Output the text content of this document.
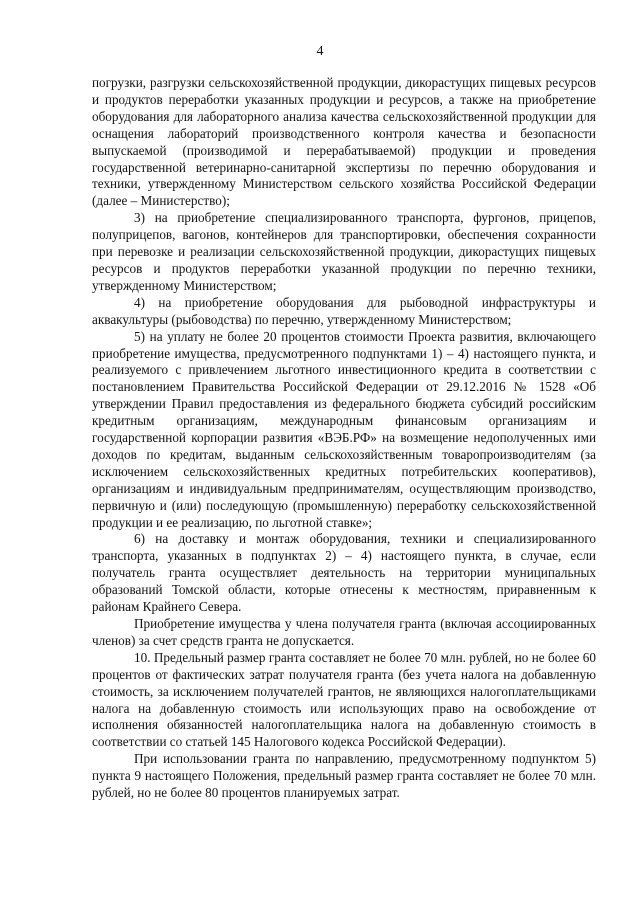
4

погрузки, разгрузки сельскохозяйственной продукции, дикорастущих пищевых ресурсов и продуктов переработки указанных продукции и ресурсов, а также на приобретение оборудования для лабораторного анализа качества сельскохозяйственной продукции для оснащения лабораторий производственного контроля качества и безопасности выпускаемой (производимой и перерабатываемой) продукции и проведения государственной ветеринарно-санитарной экспертизы по перечню оборудования и техники, утвержденному Министерством сельского хозяйства Российской Федерации (далее – Министерство);

3) на приобретение специализированного транспорта, фургонов, прицепов, полуприцепов, вагонов, контейнеров для транспортировки, обеспечения сохранности при перевозке и реализации сельскохозяйственной продукции, дикорастущих пищевых ресурсов и продуктов переработки указанной продукции по перечню техники, утвержденному Министерством;

4) на приобретение оборудования для рыбоводной инфраструктуры и аквакультуры (рыбоводства) по перечню, утвержденному Министерством;

5) на уплату не более 20 процентов стоимости Проекта развития, включающего приобретение имущества, предусмотренного подпунктами 1) – 4) настоящего пункта, и реализуемого с привлечением льготного инвестиционного кредита в соответствии с постановлением Правительства Российской Федерации от 29.12.2016 № 1528 «Об утверждении Правил предоставления из федерального бюджета субсидий российским кредитным организациям, международным финансовым организациям и государственной корпорации развития «ВЭБ.РФ» на возмещение недополученных ими доходов по кредитам, выданным сельскохозяйственным товаропроизводителям (за исключением сельскохозяйственных кредитных потребительских кооперативов), организациям и индивидуальным предпринимателям, осуществляющим производство, первичную и (или) последующую (промышленную) переработку сельскохозяйственной продукции и ее реализацию, по льготной ставке»;

6) на доставку и монтаж оборудования, техники и специализированного транспорта, указанных в подпунктах 2) – 4) настоящего пункта, в случае, если получатель гранта осуществляет деятельность на территории муниципальных образований Томской области, которые отнесены к местностям, приравненным к районам Крайнего Севера.

Приобретение имущества у члена получателя гранта (включая ассоциированных членов) за счет средств гранта не допускается.

10. Предельный размер гранта составляет не более 70 млн. рублей, но не более 60 процентов от фактических затрат получателя гранта (без учета налога на добавленную стоимость, за исключением получателей грантов, не являющихся налогоплательщиками налога на добавленную стоимость или использующих право на освобождение от исполнения обязанностей налогоплательщика налога на добавленную стоимость в соответствии со статьей 145 Налогового кодекса Российской Федерации).

При использовании гранта по направлению, предусмотренному подпунктом 5) пункта 9 настоящего Положения, предельный размер гранта составляет не более 70 млн. рублей, но не более 80 процентов планируемых затрат.
